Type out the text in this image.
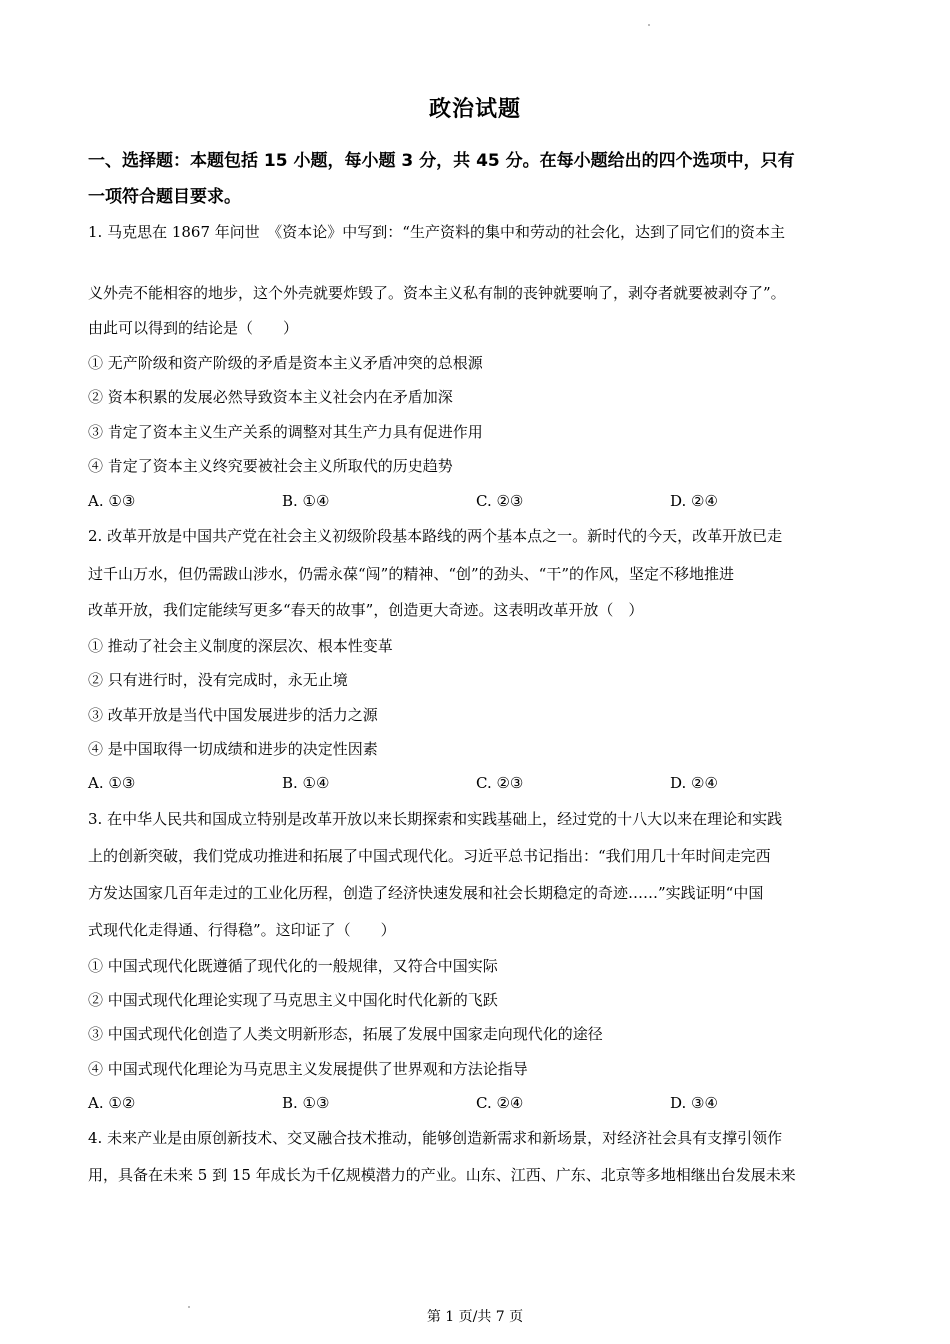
政治试题
一、选择题：本题包括 15 小题，每小题 3 分，共 45 分。在每小题给出的四个选项中，只有
一项符合题目要求。
1. 马克思在 1867 年问世　《资本论》中写到：“生产资料的集中和劳动的社会化，达到了同它们的资本主
义外壳不能相容的地步，这个外壳就要炸毁了。资本主义私有制的丧钟就要响了，剥夺者就要被剥夺了”。
由此可以得到的结论是（　　）
① 无产阶级和资产阶级的矛盾是资本主义矛盾冲突的总根源
② 资本积累的发展必然导致资本主义社会内在矛盾加深
③ 肯定了资本主义生产关系的调整对其生产力具有促进作用
④ 肯定了资本主义终究要被社会主义所取代的历史趋势
A. ①③	B. ①④	C. ②③	D. ②④
2. 改革开放是中国共产党在社会主义初级阶段基本路线的两个基本点之一。新时代的今天，改革开放已走
过千山万水，但仍需跋山涉水，仍需永葆“闯”的精神、“创”的劲头、“干”的作风，坚定不移地推进
改革开放，我们定能续写更多“春天的故事”，创造更大奇迹。这表明改革开放（　）
① 推动了社会主义制度的深层次、根本性变革
② 只有进行时，没有完成时，永无止境
③ 改革开放是当代中国发展进步的活力之源
④ 是中国取得一切成绩和进步的决定性因素
A. ①③	B. ①④	C. ②③	D. ②④
3. 在中华人民共和国成立特别是改革开放以来长期探索和实践基础上，经过党的十八大以来在理论和实践
上的创新突破，我们党成功推进和拓展了中国式现代化。习近平总书记指出：“我们用几十年时间走完西
方发达国家几百年走过的工业化历程，创造了经济快速发展和社会长期稳定的奇迹……”实践证明“中国
式现代化走得通、行得稳”。这印证了（　　）
① 中国式现代化既遵循了现代化的一般规律，又符合中国实际
② 中国式现代化理论实现了马克思主义中国化时代化新的飞跃
③ 中国式现代化创造了人类文明新形态，拓展了发展中国家走向现代化的途径
④ 中国式现代化理论为马克思主义发展提供了世界观和方法论指导
A. ①②	B. ①③	C. ②④	D. ③④
4. 未来产业是由原创新技术、交叉融合技术推动，能够创造新需求和新场景，对经济社会具有支撑引领作
用，具备在未来 5 到 15 年成长为千亿规模潜力的产业。山东、江西、广东、北京等多地相继出台发展未来
第 1 页/共 7 页
